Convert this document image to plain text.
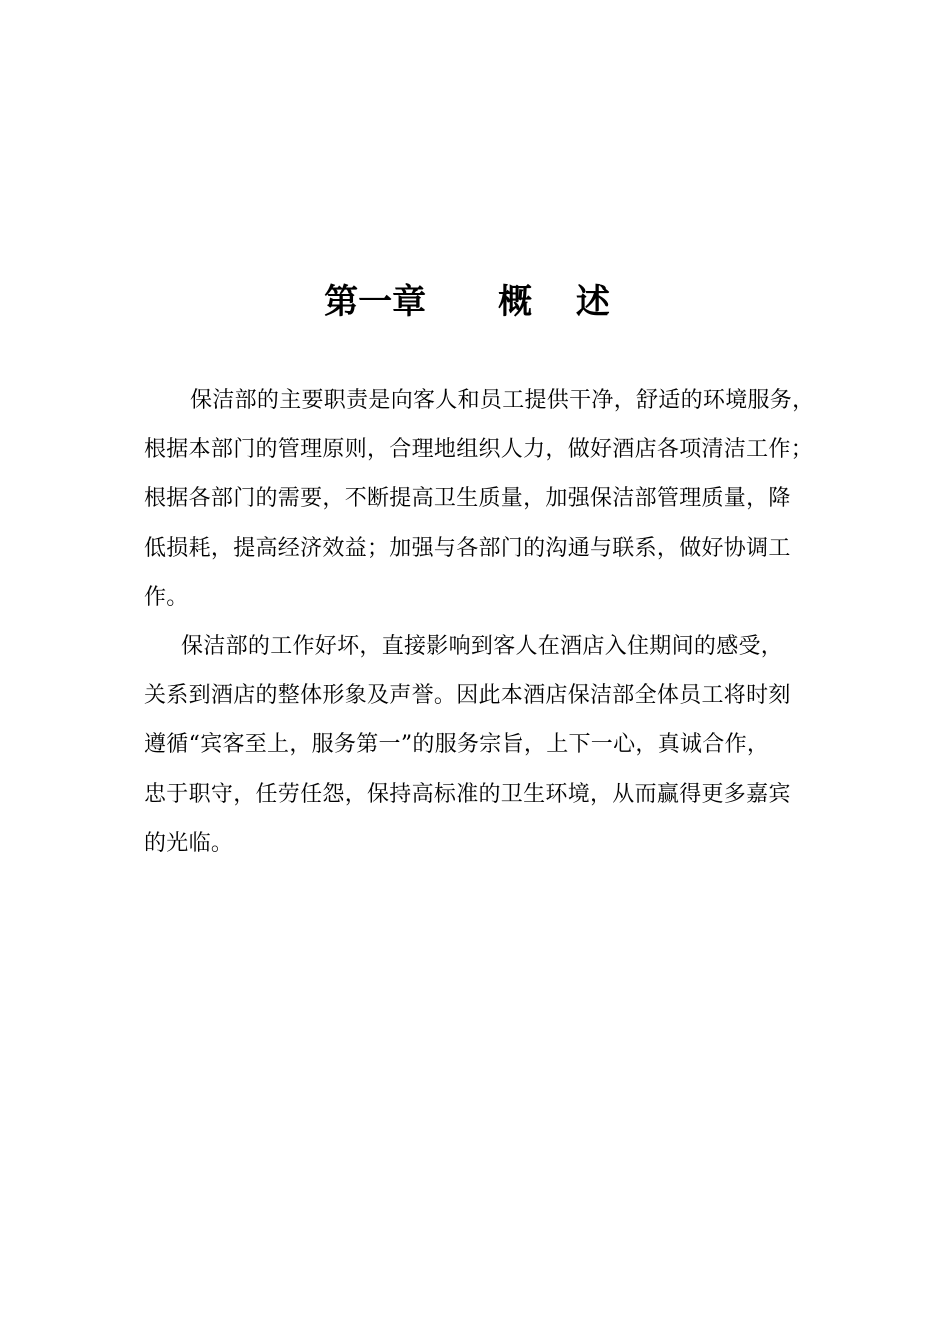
第一章 概 述

保洁部的主要职责是向客人和员工提供干净，舒适的环境服务，
根据本部门的管理原则，合理地组织人力，做好酒店各项清洁工作；
根据各部门的需要，不断提高卫生质量，加强保洁部管理质量，降
低损耗，提高经济效益；加强与各部门的沟通与联系，做好协调工
作。

保洁部的工作好坏，直接影响到客人在酒店入住期间的感受，
关系到酒店的整体形象及声誉。因此本酒店保洁部全体员工将时刻
遵循“宾客至上，服务第一”的服务宗旨，上下一心，真诚合作，
忠于职守，任劳任怨，保持高标准的卫生环境，从而赢得更多嘉宾
的光临。
